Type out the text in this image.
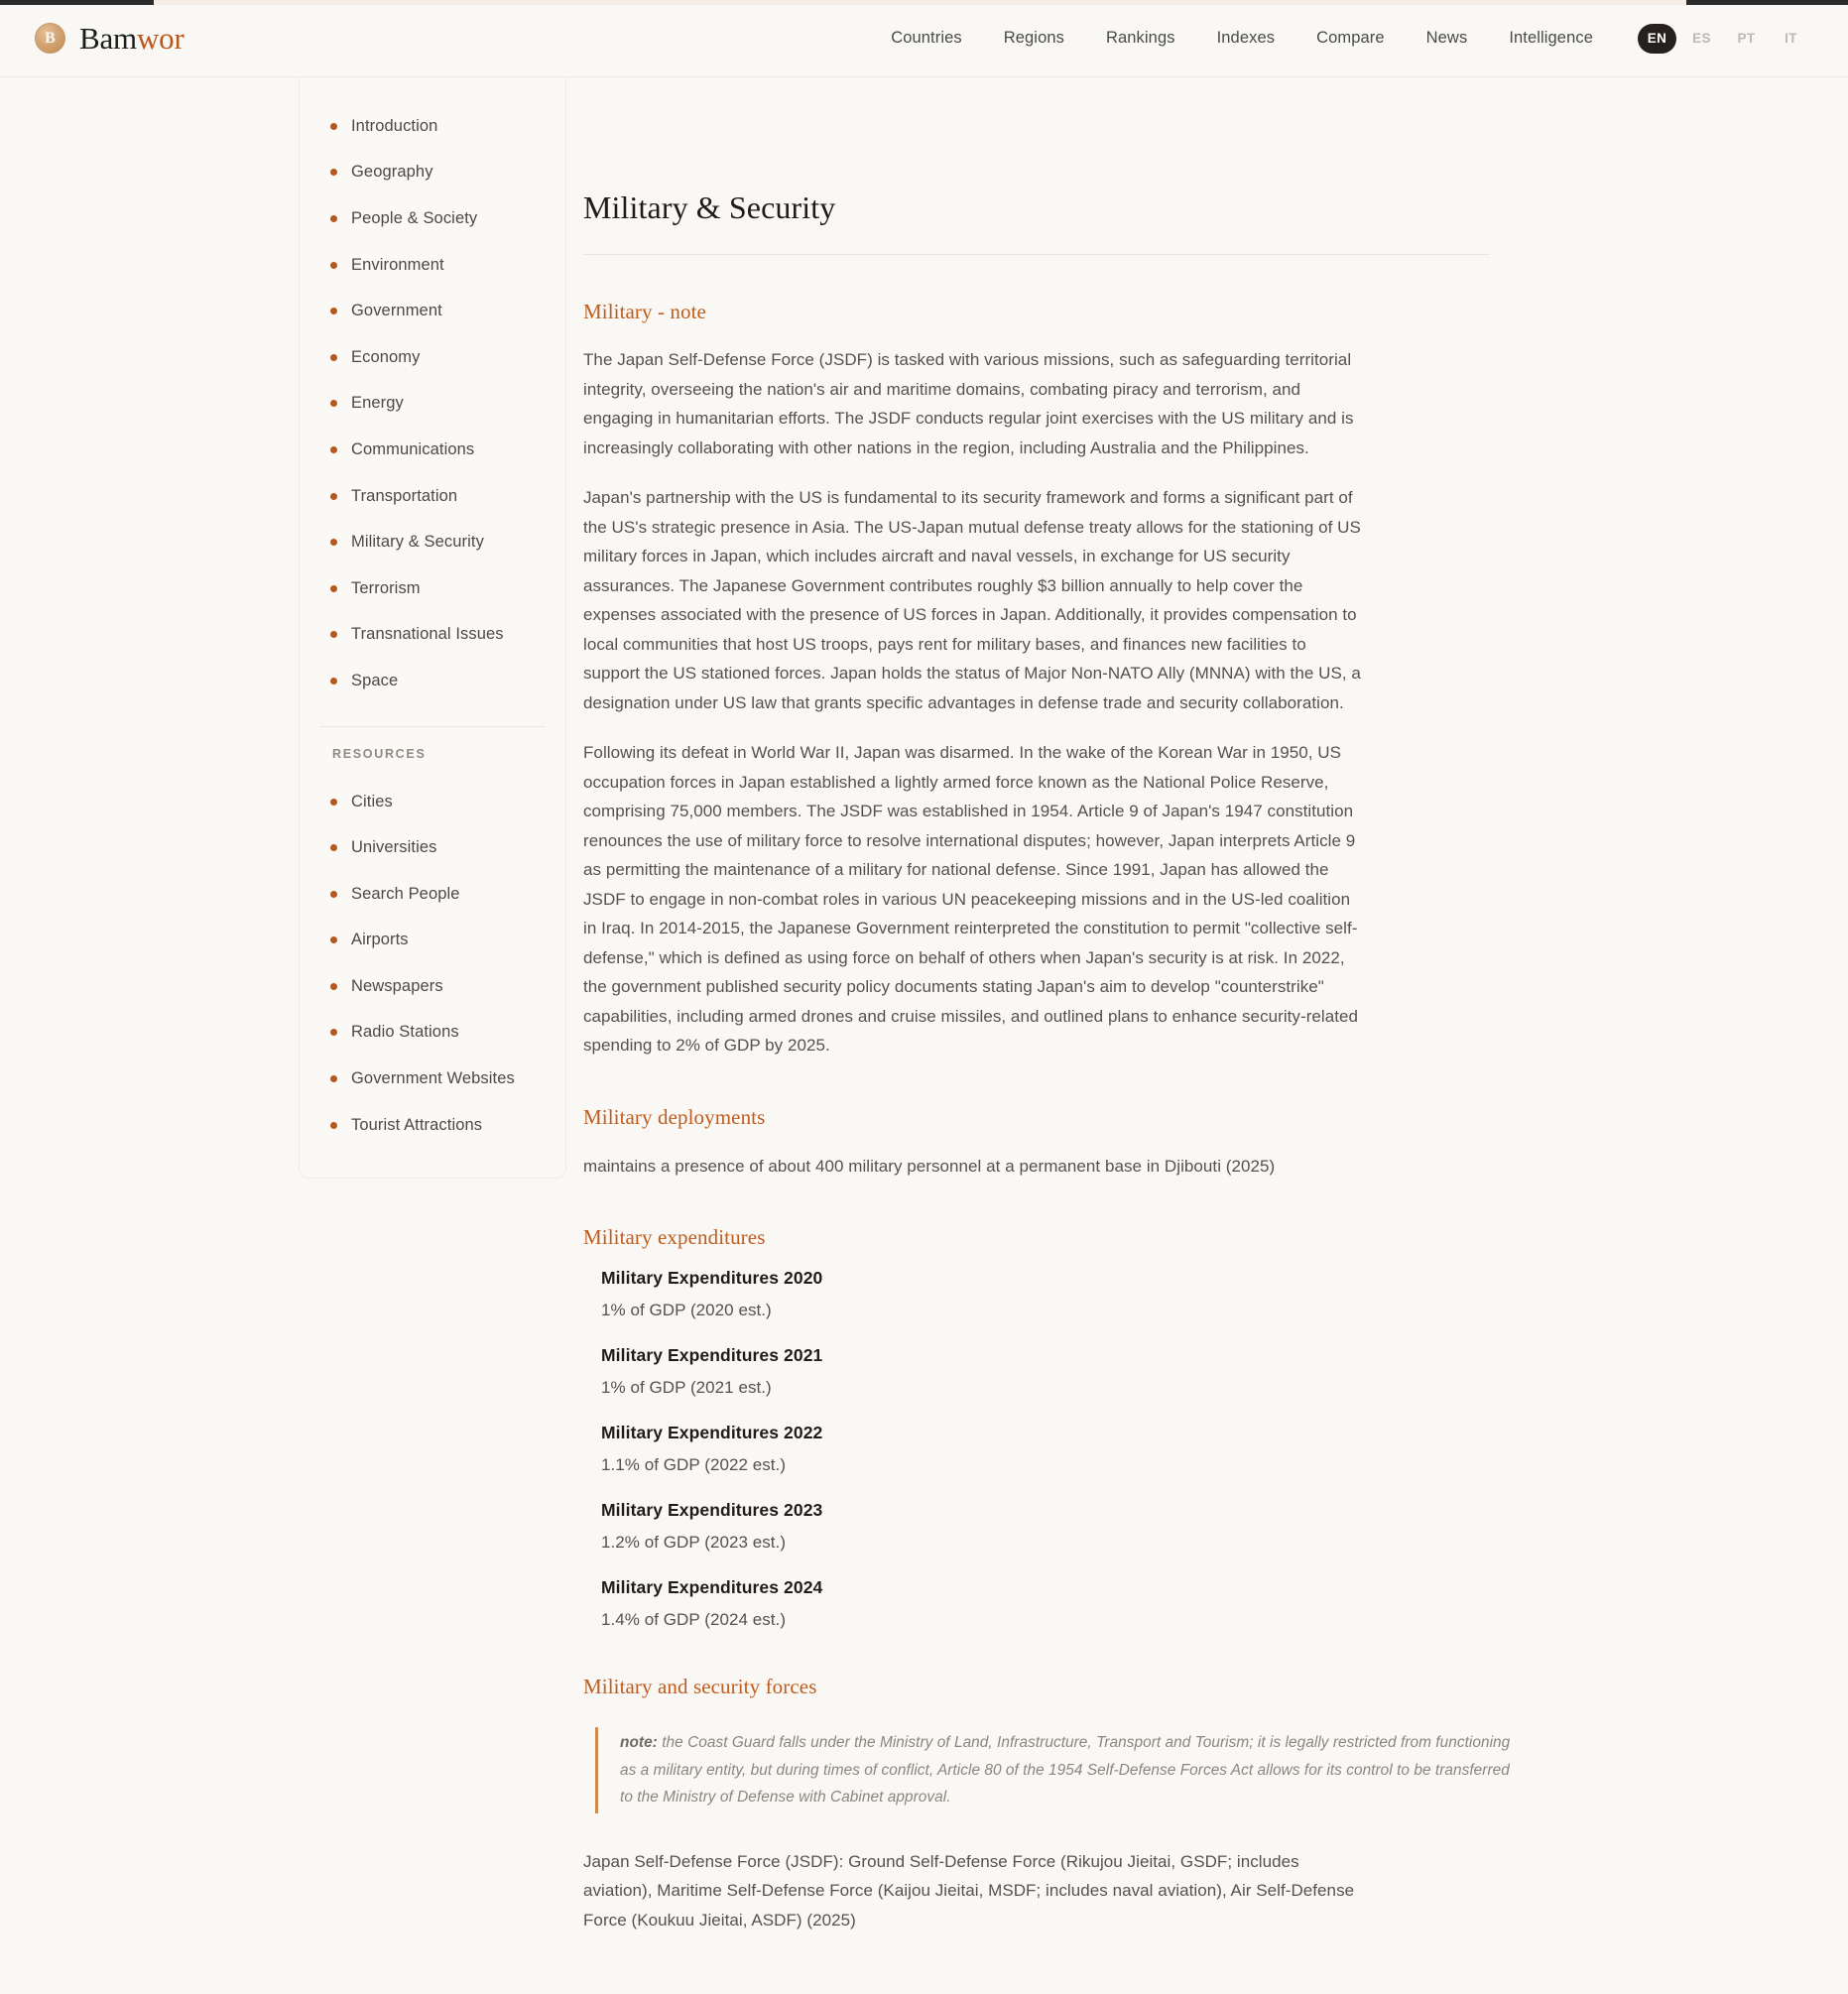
B Bamwor	Countries	Regions	Rankings	Indexes	Compare	News	Intelligence	EN	ES	PT	IT
Introduction
Geography
People & Society
Environment
Government
Economy
Energy
Communications
Transportation
Military & Security
Terrorism
Transnational Issues
Space
RESOURCES
Cities
Universities
Search People
Airports
Newspapers
Radio Stations
Government Websites
Tourist Attractions
Military & Security
Military - note

The Japan Self-Defense Force (JSDF) is tasked with various missions, such as safeguarding territorial integrity, overseeing the nation's air and maritime domains, combating piracy and terrorism, and engaging in humanitarian efforts. The JSDF conducts regular joint exercises with the US military and is increasingly collaborating with other nations in the region, including Australia and the Philippines.

Japan's partnership with the US is fundamental to its security framework and forms a significant part of the US's strategic presence in Asia. The US-Japan mutual defense treaty allows for the stationing of US military forces in Japan, which includes aircraft and naval vessels, in exchange for US security assurances. The Japanese Government contributes roughly $3 billion annually to help cover the expenses associated with the presence of US forces in Japan. Additionally, it provides compensation to local communities that host US troops, pays rent for military bases, and finances new facilities to support the US stationed forces. Japan holds the status of Major Non-NATO Ally (MNNA) with the US, a designation under US law that grants specific advantages in defense trade and security collaboration.

Following its defeat in World War II, Japan was disarmed. In the wake of the Korean War in 1950, US occupation forces in Japan established a lightly armed force known as the National Police Reserve, comprising 75,000 members. The JSDF was established in 1954. Article 9 of Japan's 1947 constitution renounces the use of military force to resolve international disputes; however, Japan interprets Article 9 as permitting the maintenance of a military for national defense. Since 1991, Japan has allowed the JSDF to engage in non-combat roles in various UN peacekeeping missions and in the US-led coalition in Iraq. In 2014-2015, the Japanese Government reinterpreted the constitution to permit "collective self-defense," which is defined as using force on behalf of others when Japan's security is at risk. In 2022, the government published security policy documents stating Japan's aim to develop "counterstrike" capabilities, including armed drones and cruise missiles, and outlined plans to enhance security-related spending to 2% of GDP by 2025.

Military deployments

maintains a presence of about 400 military personnel at a permanent base in Djibouti (2025)

Military expenditures
Military Expenditures 2020
1% of GDP (2020 est.)
Military Expenditures 2021
1% of GDP (2021 est.)
Military Expenditures 2022
1.1% of GDP (2022 est.)
Military Expenditures 2023
1.2% of GDP (2023 est.)
Military Expenditures 2024
1.4% of GDP (2024 est.)
Military and security forces
note: the Coast Guard falls under the Ministry of Land, Infrastructure, Transport and Tourism; it is legally restricted from functioning as a military entity, but during times of conflict, Article 80 of the 1954 Self-Defense Forces Act allows for its control to be transferred to the Ministry of Defense with Cabinet approval.

Japan Self-Defense Force (JSDF): Ground Self-Defense Force (Rikujou Jieitai, GSDF; includes aviation), Maritime Self-Defense Force (Kaijou Jieitai, MSDF; includes naval aviation), Air Self-Defense Force (Koukuu Jieitai, ASDF) (2025)
